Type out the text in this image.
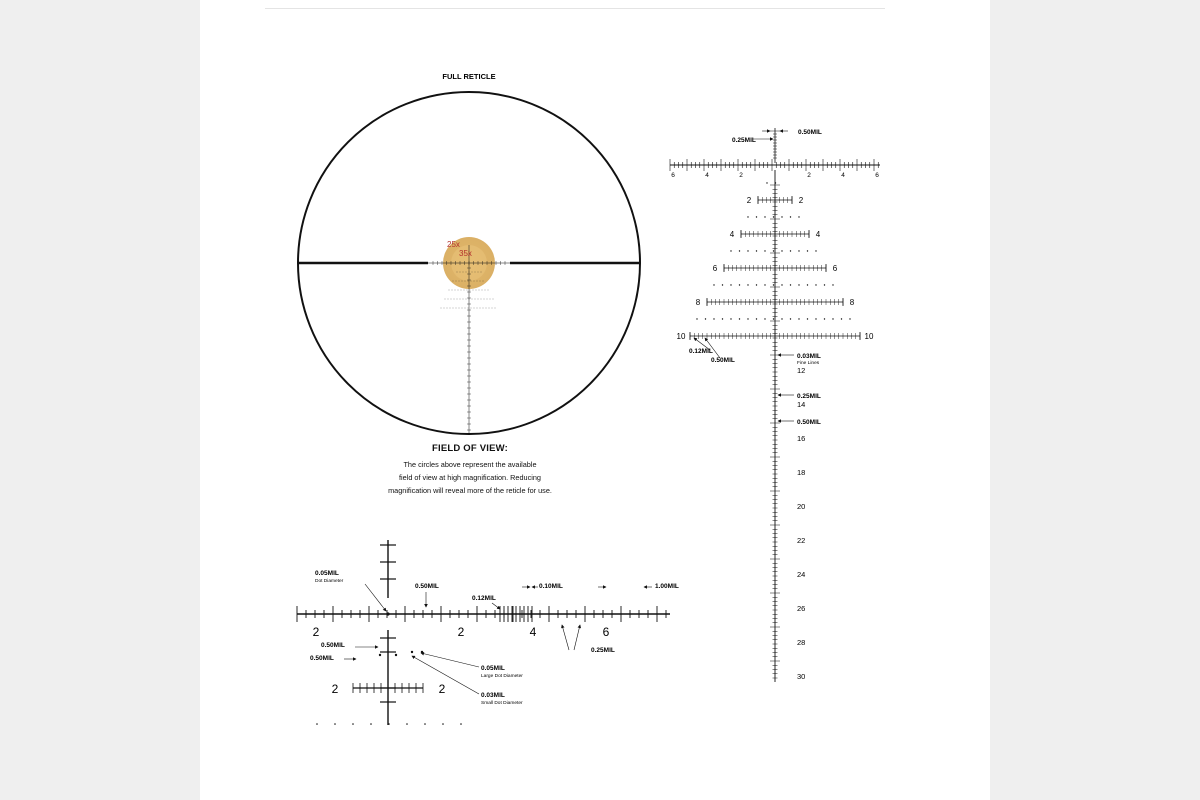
FULL RETICLE
25x
35x
0.50MIL
0.25MIL
6	4	2	2	4	6
2	2
4	4
6	6
8	8
10	10
0.12MIL
0.50MIL
0.03MIL
Fine Lines
0.25MIL
0.50MIL
12
14
16
18
20
22
24
26
28
30
0.05MIL
Dot Diameter
0.50MIL
0.12MIL
0.10MIL	1.00MIL
0.25MIL
0.50MIL
0.50MIL
0.05MIL
Large Dot Diameter
0.03MIL
Small Dot Diameter
2	2	4	6
2	2
FIELD OF VIEW:

The circles above represent the available

field of view at high magnification. Reducing

magnification will reveal more of the reticle for use.
